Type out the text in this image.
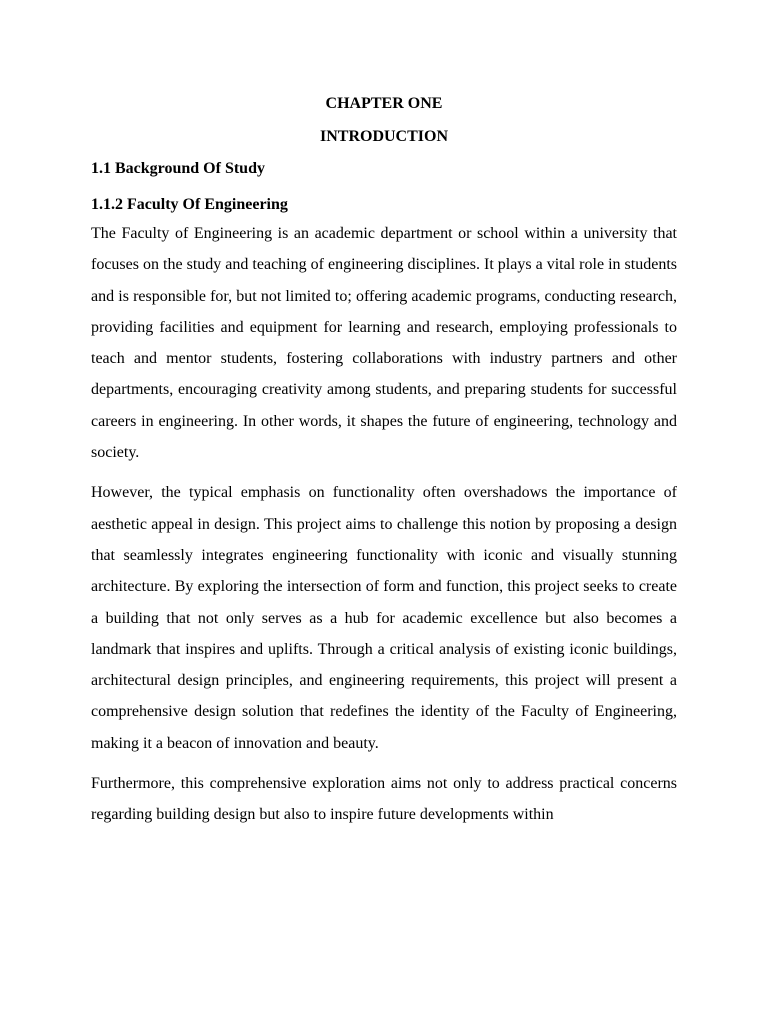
CHAPTER ONE

INTRODUCTION

1.1 Background Of Study

1.1.2 Faculty Of Engineering

The Faculty of Engineering is an academic department or school within a university that focuses on the study and teaching of engineering disciplines. It plays a vital role in students and is responsible for, but not limited to; offering academic programs, conducting research, providing facilities and equipment for learning and research, employing professionals to teach and mentor students, fostering collaborations with industry partners and other departments, encouraging creativity among students, and preparing students for successful careers in engineering. In other words, it shapes the future of engineering, technology and society.

However, the typical emphasis on functionality often overshadows the importance of aesthetic appeal in design. This project aims to challenge this notion by proposing a design that seamlessly integrates engineering functionality with iconic and visually stunning architecture. By exploring the intersection of form and function, this project seeks to create a building that not only serves as a hub for academic excellence but also becomes a landmark that inspires and uplifts. Through a critical analysis of existing iconic buildings, architectural design principles, and engineering requirements, this project will present a comprehensive design solution that redefines the identity of the Faculty of Engineering, making it a beacon of innovation and beauty.

Furthermore, this comprehensive exploration aims not only to address practical concerns regarding building design but also to inspire future developments within
